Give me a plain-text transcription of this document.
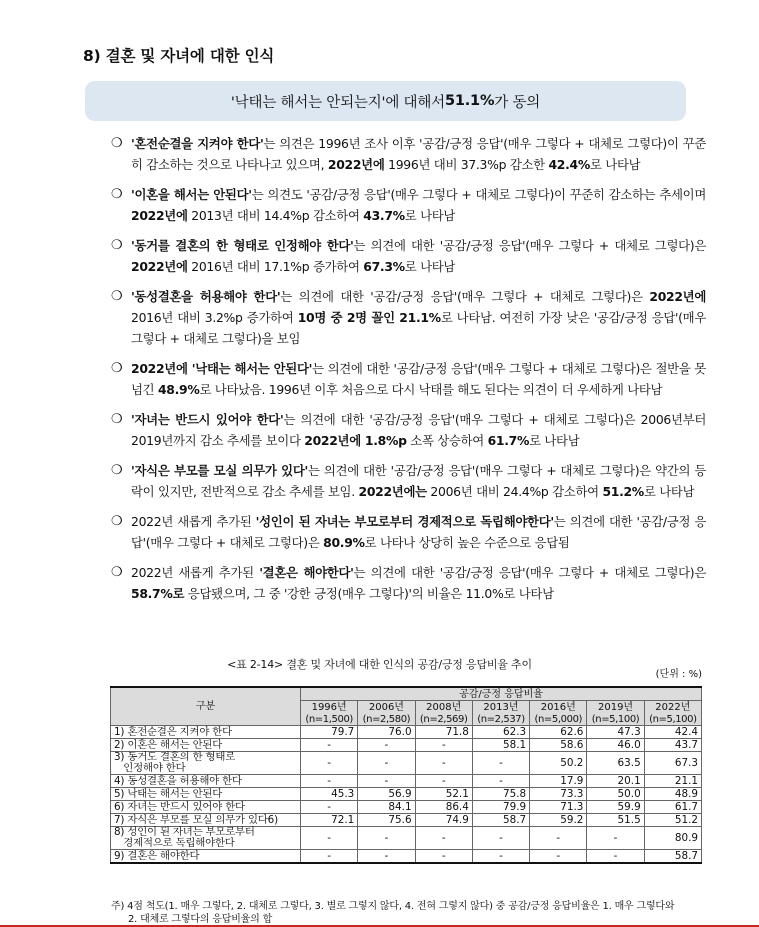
8) 결혼 및 자녀에 대한 인식
'낙태는 해서는 안되는지'에 대해서 51.1% 가 동의
❍ '혼전순결을 지켜야 한다'는 의견은 1996년 조사 이후 '공감/긍정 응답'(매우 그렇다 + 대체로 그렇다)이 꾸준히 감소하는 것으로 나타나고 있으며, 2022년에 1996년 대비 37.3%p 감소한 42.4%로 나타남
❍ '이혼을 해서는 안된다'는 의견도 '공감/긍정 응답'(매우 그렇다 + 대체로 그렇다)이 꾸준히 감소하는 추세이며 2022년에 2013년 대비 14.4%p 감소하여 43.7%로 나타남
❍ '동거를 결혼의 한 형태로 인정해야 한다'는 의견에 대한 '공감/긍정 응답'(매우 그렇다 + 대체로 그렇다)은 2022년에 2016년 대비 17.1%p 증가하여 67.3%로 나타남
❍ '동성결혼을 허용해야 한다'는 의견에 대한 '공감/긍정 응답'(매우 그렇다 + 대체로 그렇다)은 2022년에 2016년 대비 3.2%p 증가하여 10명 중 2명 꼴인 21.1%로 나타남. 여전히 가장 낮은 '공감/긍정 응답'(매우 그렇다 + 대체로 그렇다)을 보임
❍ 2022년에 '낙태는 해서는 안된다'는 의견에 대한 '공감/긍정 응답'(매우 그렇다 + 대체로 그렇다)은 절반을 못 넘긴 48.9%로 나타났음. 1996년 이후 처음으로 다시 낙태를 해도 된다는 의견이 더 우세하게 나타남
❍ '자녀는 반드시 있어야 한다'는 의견에 대한 '공감/긍정 응답'(매우 그렇다 + 대체로 그렇다)은 2006년부터 2019년까지 감소 추세를 보이다 2022년에 1.8%p 소폭 상승하여 61.7%로 나타남
❍ '자식은 부모를 모실 의무가 있다'는 의견에 대한 '공감/긍정 응답'(매우 그렇다 + 대체로 그렇다)은 약간의 등락이 있지만, 전반적으로 감소 추세를 보임. 2022년에는 2006년 대비 24.4%p 감소하여 51.2%로 나타남
❍ 2022년 새롭게 추가된 '성인이 된 자녀는 부모로부터 경제적으로 독립해야한다'는 의견에 대한 '공감/긍정 응답'(매우 그렇다 + 대체로 그렇다)은 80.9%로 나타나 상당히 높은 수준으로 응답됨
❍ 2022년 새롭게 추가된 '결혼은 해야한다'는 의견에 대한 '공감/긍정 응답'(매우 그렇다 + 대체로 그렇다)은 58.7%로 응답됐으며, 그 중 '강한 긍정(매우 그렇다)'의 비율은 11.0%로 나타남
<표 2-14> 결혼 및 자녀에 대한 인식의 공감/긍정 응답비율 추이
(단위 : %)
구분	공감/긍정 응답비율						
	1996년	2006년	2008년	2013년	2016년	2019년	2022년
	(n=1,500)	(n=2,580)	(n=2,569)	(n=2,537)	(n=5,000)	(n=5,100)	(n=5,100)
1) 혼전순결은 지켜야 한다	79.7	76.0	71.8	62.3	62.6	47.3	42.4
2) 이혼은 해서는 안된다	-	-	-	58.1	58.6	46.0	43.7
3) 동거도 결혼의 한 형태로
인정해야 한다	-	-	-	-	50.2	63.5	67.3
4) 동성결혼을 허용해야 한다	-	-	-	-	17.9	20.1	21.1
5) 낙태는 해서는 안된다	45.3	56.9	52.1	75.8	73.3	50.0	48.9
6) 자녀는 반드시 있어야 한다	-	84.1	86.4	79.9	71.3	59.9	61.7
7) 자식은 부모를 모실 의무가 있다6)	72.1	75.6	74.9	58.7	59.2	51.5	51.2
8) 성인이 된 자녀는 부모로부터
경제적으로 독립해야한다	-	-	-	-	-	-	80.9
9) 결혼은 해야한다	-	-	-	-	-	-	58.7
주) 4점 척도(1. 매우 그렇다, 2. 대체로 그렇다, 3. 별로 그렇지 않다, 4. 전혀 그렇지 않다) 중 공감/긍정 응답비율은 1. 매우 그렇다와
2. 대체로 그렇다의 응답비율의 합
